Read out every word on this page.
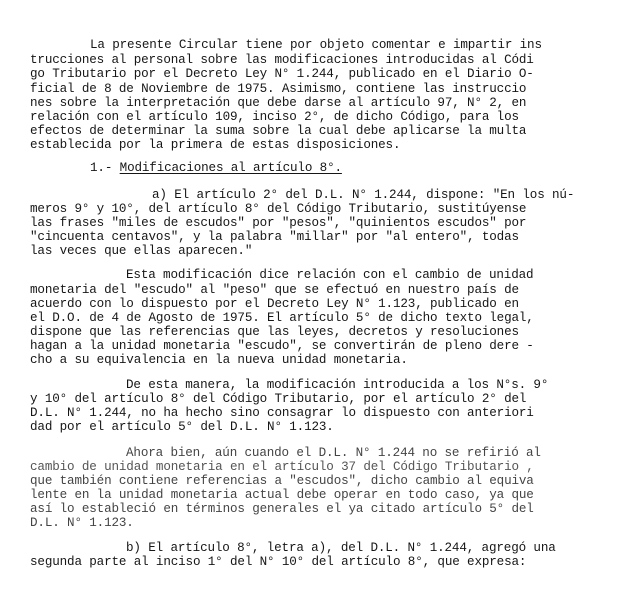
La presente Circular tiene por objeto comentar e impartir ins
trucciones al personal sobre las modificaciones introducidas al Códi
go Tributario por el Decreto Ley N° 1.244, publicado en el Diario O-
ficial de 8 de Noviembre de 1975. Asimismo, contiene las instruccio
nes sobre la interpretación que debe darse al artículo 97, N° 2, en
relación con el artículo 109, inciso 2°, de dicho Código, para los
efectos de determinar la suma sobre la cual debe aplicarse la multa
establecida por la primera de estas disposiciones.
1.- Modificaciones al artículo 8°.
a) El artículo 2° del D.L. N° 1.244, dispone: "En los nú-
meros 9° y 10°, del artículo 8° del Código Tributario, sustitúyense
las frases "miles de escudos" por "pesos", "quinientos escudos" por
"cincuenta centavos", y la palabra "millar" por "al entero", todas
las veces que ellas aparecen."
Esta modificación dice relación con el cambio de unidad
monetaria del "escudo" al "peso" que se efectuó en nuestro país de
acuerdo con lo dispuesto por el Decreto Ley N° 1.123, publicado en
el D.O. de 4 de Agosto de 1975. El artículo 5° de dicho texto legal,
dispone que las referencias que las leyes, decretos y resoluciones
hagan a la unidad monetaria "escudo", se convertirán de pleno dere -
cho a su equivalencia en la nueva unidad monetaria.
De esta manera, la modificación introducida a los N°s. 9°
y 10° del artículo 8° del Código Tributario, por el artículo 2° del
D.L. N° 1.244, no ha hecho sino consagrar lo dispuesto con anteriori
dad por el artículo 5° del D.L. N° 1.123.
Ahora bien, aún cuando el D.L. N° 1.244 no se refirió al
cambio de unidad monetaria en el artículo 37 del Código Tributario ,
que también contiene referencias a "escudos", dicho cambio al equiva
lente en la unidad monetaria actual debe operar en todo caso, ya que
así lo estableció en términos generales el ya citado artículo 5° del
D.L. N° 1.123.
b) El artículo 8°, letra a), del D.L. N° 1.244, agregó una
segunda parte al inciso 1° del N° 10° del artículo 8°, que expresa:
